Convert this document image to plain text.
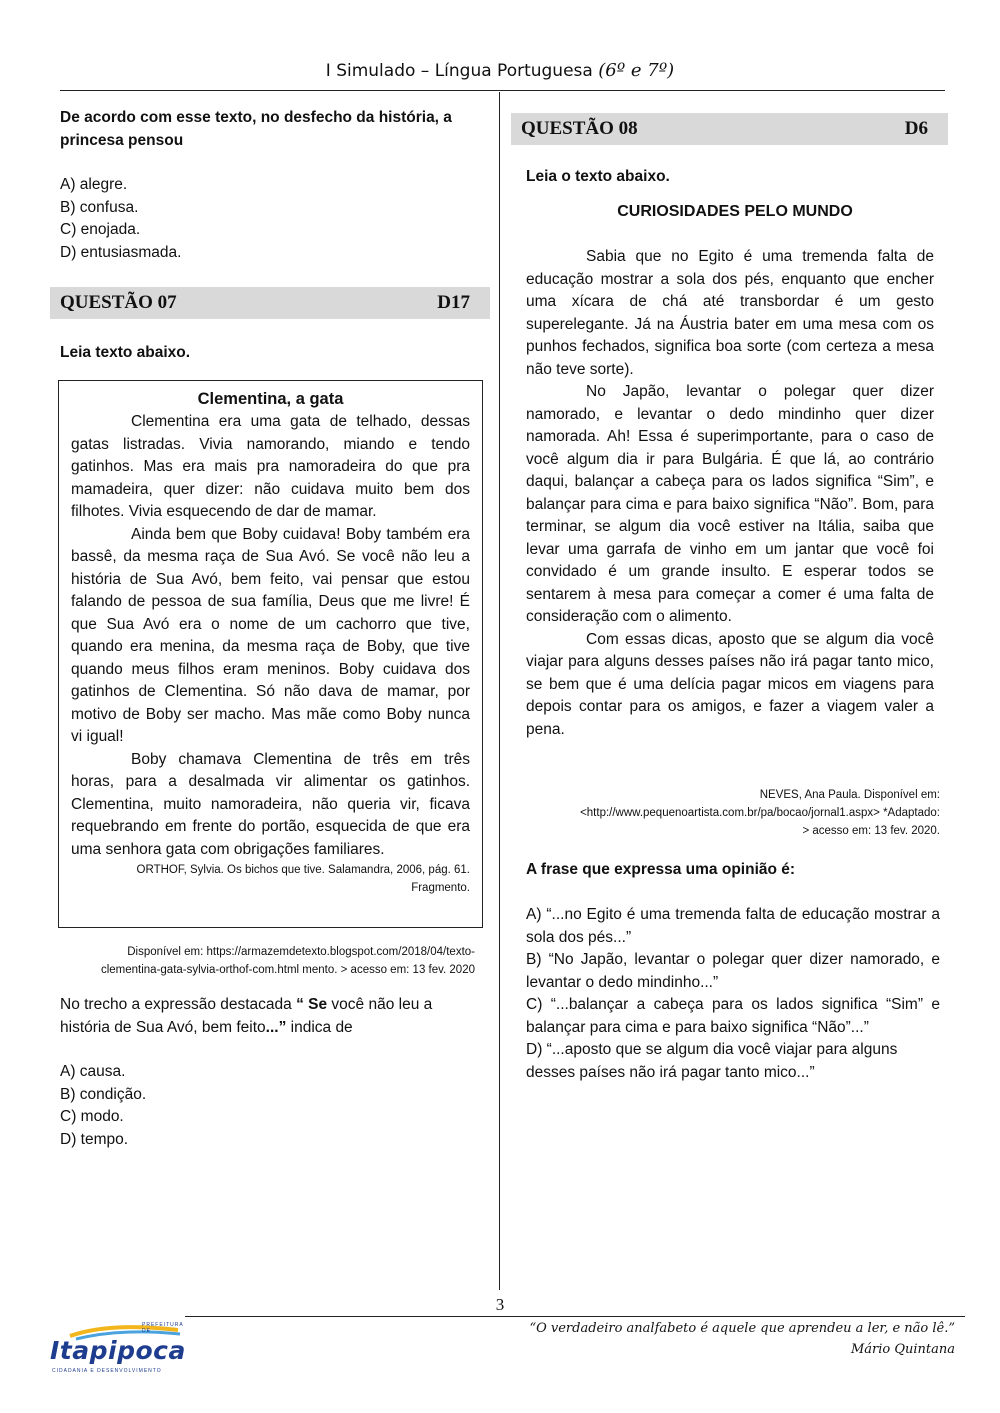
I Simulado – Língua Portuguesa (6º e 7º)
De acordo com esse texto, no desfecho da história, a princesa pensou
A) alegre.
B) confusa.
C) enojada.
D) entusiasmada.
QUESTÃO 07	D17
Leia texto abaixo.
Clementina, a gata
Clementina era uma gata de telhado, dessas gatas listradas. Vivia namorando, miando e tendo gatinhos. Mas era mais pra namoradeira do que pra mamadeira, quer dizer: não cuidava muito bem dos filhotes. Vivia esquecendo de dar de mamar.
Ainda bem que Boby cuidava! Boby também era bassê, da mesma raça de Sua Avó. Se você não leu a história de Sua Avó, bem feito, vai pensar que estou falando de pessoa de sua família, Deus que me livre! É que Sua Avó era o nome de um cachorro que tive, quando era menina, da mesma raça de Boby, que tive quando meus filhos eram meninos. Boby cuidava dos gatinhos de Clementina. Só não dava de mamar, por motivo de Boby ser macho. Mas mãe como Boby nunca vi igual!
Boby chamava Clementina de três em três horas, para a desalmada vir alimentar os gatinhos. Clementina, muito namoradeira, não queria vir, ficava requebrando em frente do portão, esquecida de que era uma senhora gata com obrigações familiares.
ORTHOF, Sylvia. Os bichos que tive. Salamandra, 2006, pág. 61.
Fragmento.
Disponível em: https://armazemdetexto.blogspot.com/2018/04/texto-
clementina-gata-sylvia-orthof-com.html mento. > acesso em: 13 fev. 2020
No trecho a expressão destacada “ Se você não leu a história de Sua Avó, bem feito...” indica de
A) causa.
B) condição.
C) modo.
D) tempo.
QUESTÃO 08	D6
Leia o texto abaixo.
CURIOSIDADES PELO MUNDO
Sabia que no Egito é uma tremenda falta de educação mostrar a sola dos pés, enquanto que encher uma xícara de chá até transbordar é um gesto superelegante. Já na Áustria bater em uma mesa com os punhos fechados, significa boa sorte (com certeza a mesa não teve sorte).
No Japão, levantar o polegar quer dizer namorado, e levantar o dedo mindinho quer dizer namorada. Ah! Essa é superimportante, para o caso de você algum dia ir para Bulgária. É que lá, ao contrário daqui, balançar a cabeça para os lados significa “Sim”, e balançar para cima e para baixo significa “Não”. Bom, para terminar, se algum dia você estiver na Itália, saiba que levar uma garrafa de vinho em um jantar que você foi convidado é um grande insulto. E esperar todos se sentarem à mesa para começar a comer é uma falta de consideração com o alimento.
Com essas dicas, aposto que se algum dia você viajar para alguns desses países não irá pagar tanto mico, se bem que é uma delícia pagar micos em viagens para depois contar para os amigos, e fazer a viagem valer a pena.
NEVES, Ana Paula. Disponível em:
<http://www.pequenoartista.com.br/pa/bocao/jornal1.aspx> *Adaptado:
> acesso em: 13 fev. 2020.
A frase que expressa uma opinião é:
A) “...no Egito é uma tremenda falta de educação mostrar a sola dos pés...”
B) “No Japão, levantar o polegar quer dizer namorado, e levantar o dedo mindinho...”
C) “...balançar a cabeça para os lados significa “Sim” e balançar para cima e para baixo significa “Não”...”
D) “...aposto que se algum dia você viajar para alguns desses países não irá pagar tanto mico...”
3
“O verdadeiro analfabeto é aquele que aprendeu a ler, e não lê.”
Mário Quintana
PREFEITURA DE
Itapipoca
CIDADANIA E DESENVOLVIMENTO
